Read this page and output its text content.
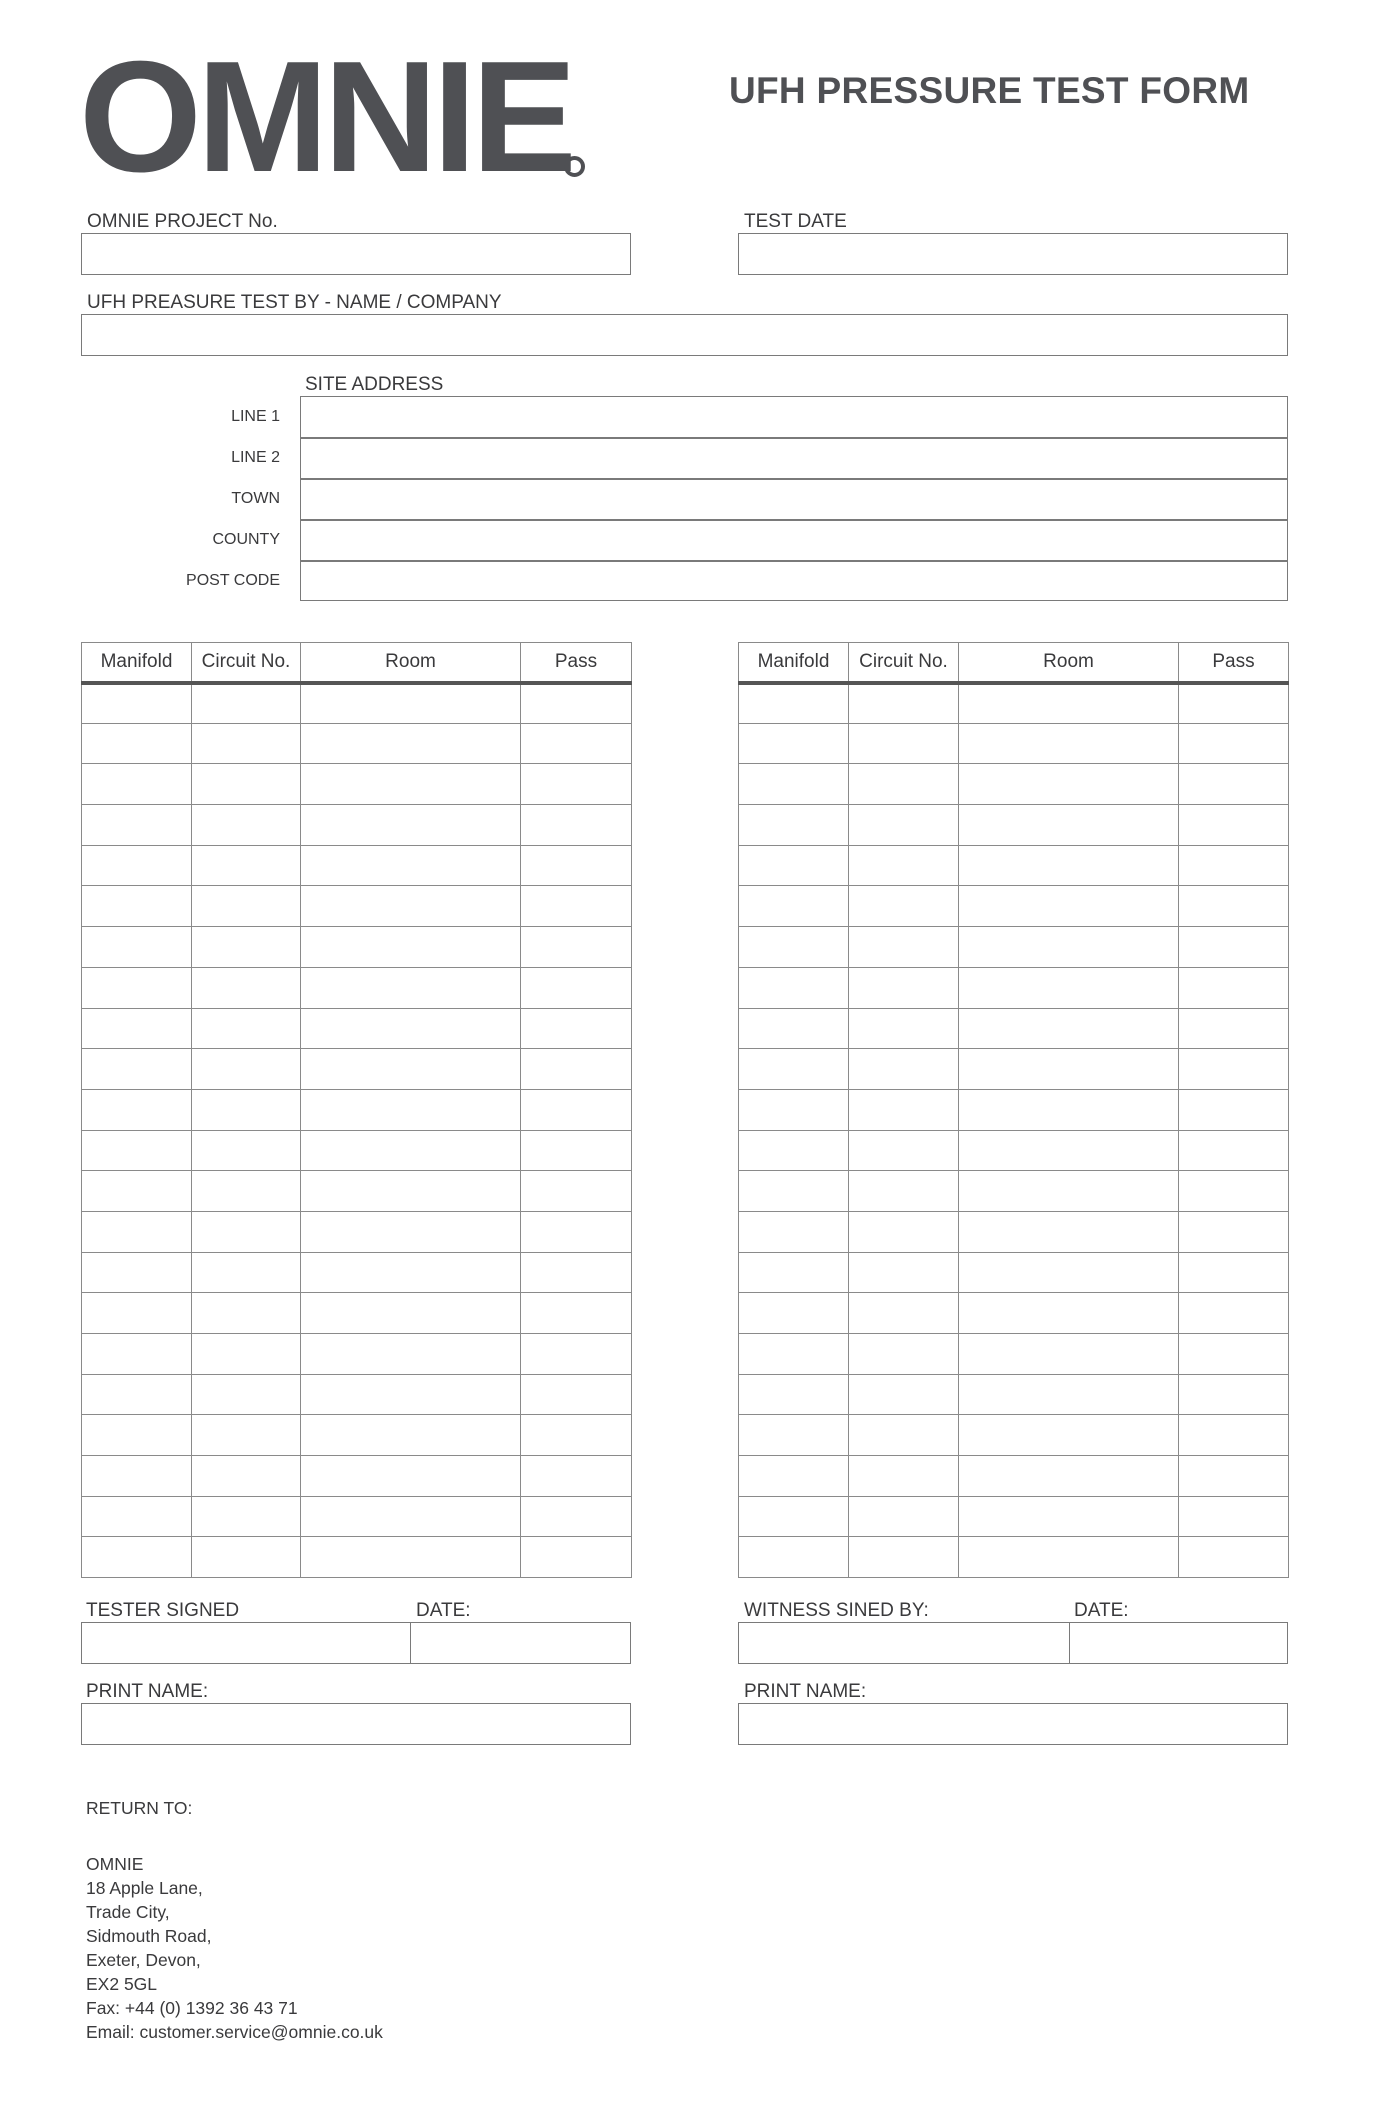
OMNIE	UFH PRESSURE TEST FORM
OMNIE PROJECT No.	TEST DATE
UFH PREASURE TEST BY - NAME / COMPANY
SITE ADDRESS
LINE 1
LINE 2
TOWN
COUNTY
POST CODE
Manifold	Circuit No.	Room	Pass

				Manifold	Circuit No.	Room	Pass

TESTER SIGNED	DATE:	WITNESS SINED BY:	DATE:
PRINT NAME:	PRINT NAME:
RETURN TO:
OMNIE
18 Apple Lane,
Trade City,
Sidmouth Road,
Exeter, Devon,
EX2 5GL
Fax: +44 (0) 1392 36 43 71
Email: customer.service@omnie.co.uk
